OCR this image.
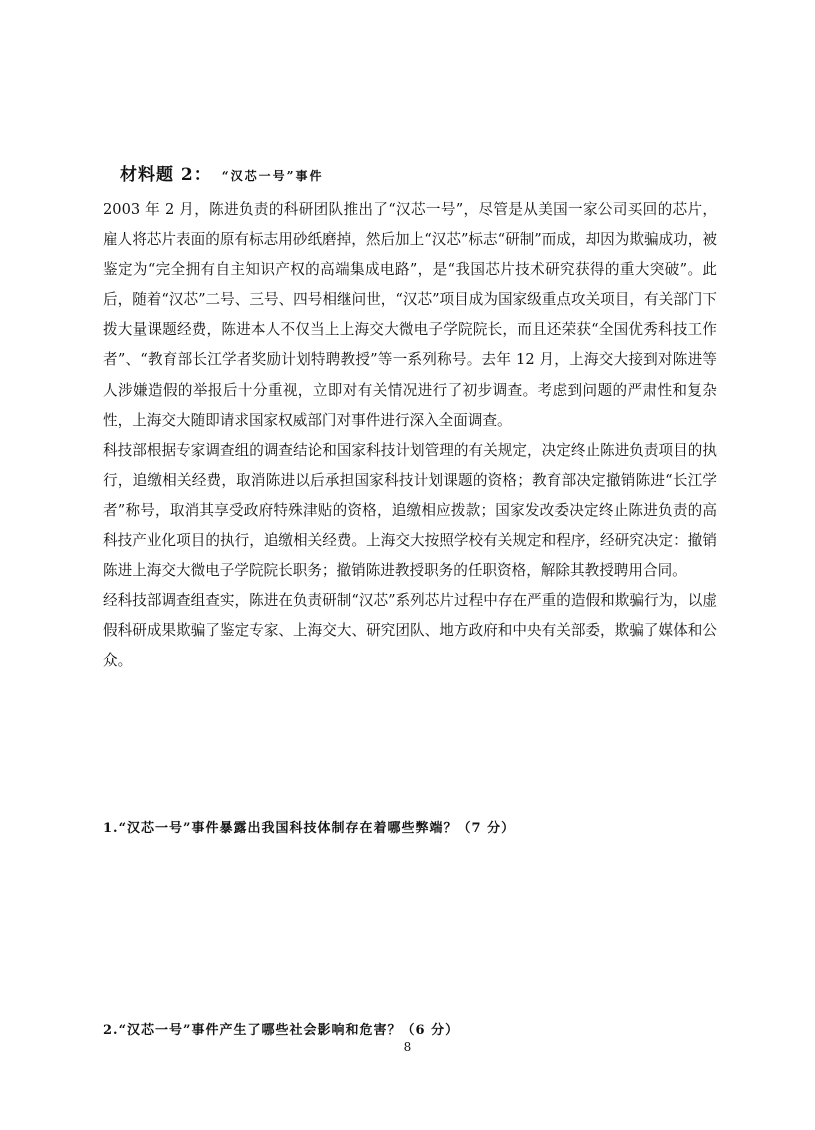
材料题 2： “汉芯一号”事件

2003 年 2 月，陈进负责的科研团队推出了“汉芯一号”，尽管是从美国一家公司买回的芯片，雇人将芯片表面的原有标志用砂纸磨掉，然后加上“汉芯”标志“研制”而成，却因为欺骗成功，被鉴定为“完全拥有自主知识产权的高端集成电路”，是“我国芯片技术研究获得的重大突破”。此后，随着“汉芯”二号、三号、四号相继问世，“汉芯”项目成为国家级重点攻关项目，有关部门下拨大量课题经费，陈进本人不仅当上上海交大微电子学院院长，而且还荣获“全国优秀科技工作者”、“教育部长江学者奖励计划特聘教授”等一系列称号。去年 12 月，上海交大接到对陈进等人涉嫌造假的举报后十分重视，立即对有关情况进行了初步调查。考虑到问题的严肃性和复杂性，上海交大随即请求国家权威部门对事件进行深入全面调查。

科技部根据专家调查组的调查结论和国家科技计划管理的有关规定，决定终止陈进负责项目的执行，追缴相关经费，取消陈进以后承担国家科技计划课题的资格；教育部决定撤销陈进“长江学者”称号，取消其享受政府特殊津贴的资格，追缴相应拨款；国家发改委决定终止陈进负责的高科技产业化项目的执行，追缴相关经费。上海交大按照学校有关规定和程序，经研究决定：撤销陈进上海交大微电子学院院长职务；撤销陈进教授职务的任职资格，解除其教授聘用合同。

经科技部调查组查实，陈进在负责研制“汉芯”系列芯片过程中存在严重的造假和欺骗行为，以虚假科研成果欺骗了鉴定专家、上海交大、研究团队、地方政府和中央有关部委，欺骗了媒体和公众。

1.“汉芯一号”事件暴露出我国科技体制存在着哪些弊端？（7 分）
2.“汉芯一号”事件产生了哪些社会影响和危害？（6 分）
8
